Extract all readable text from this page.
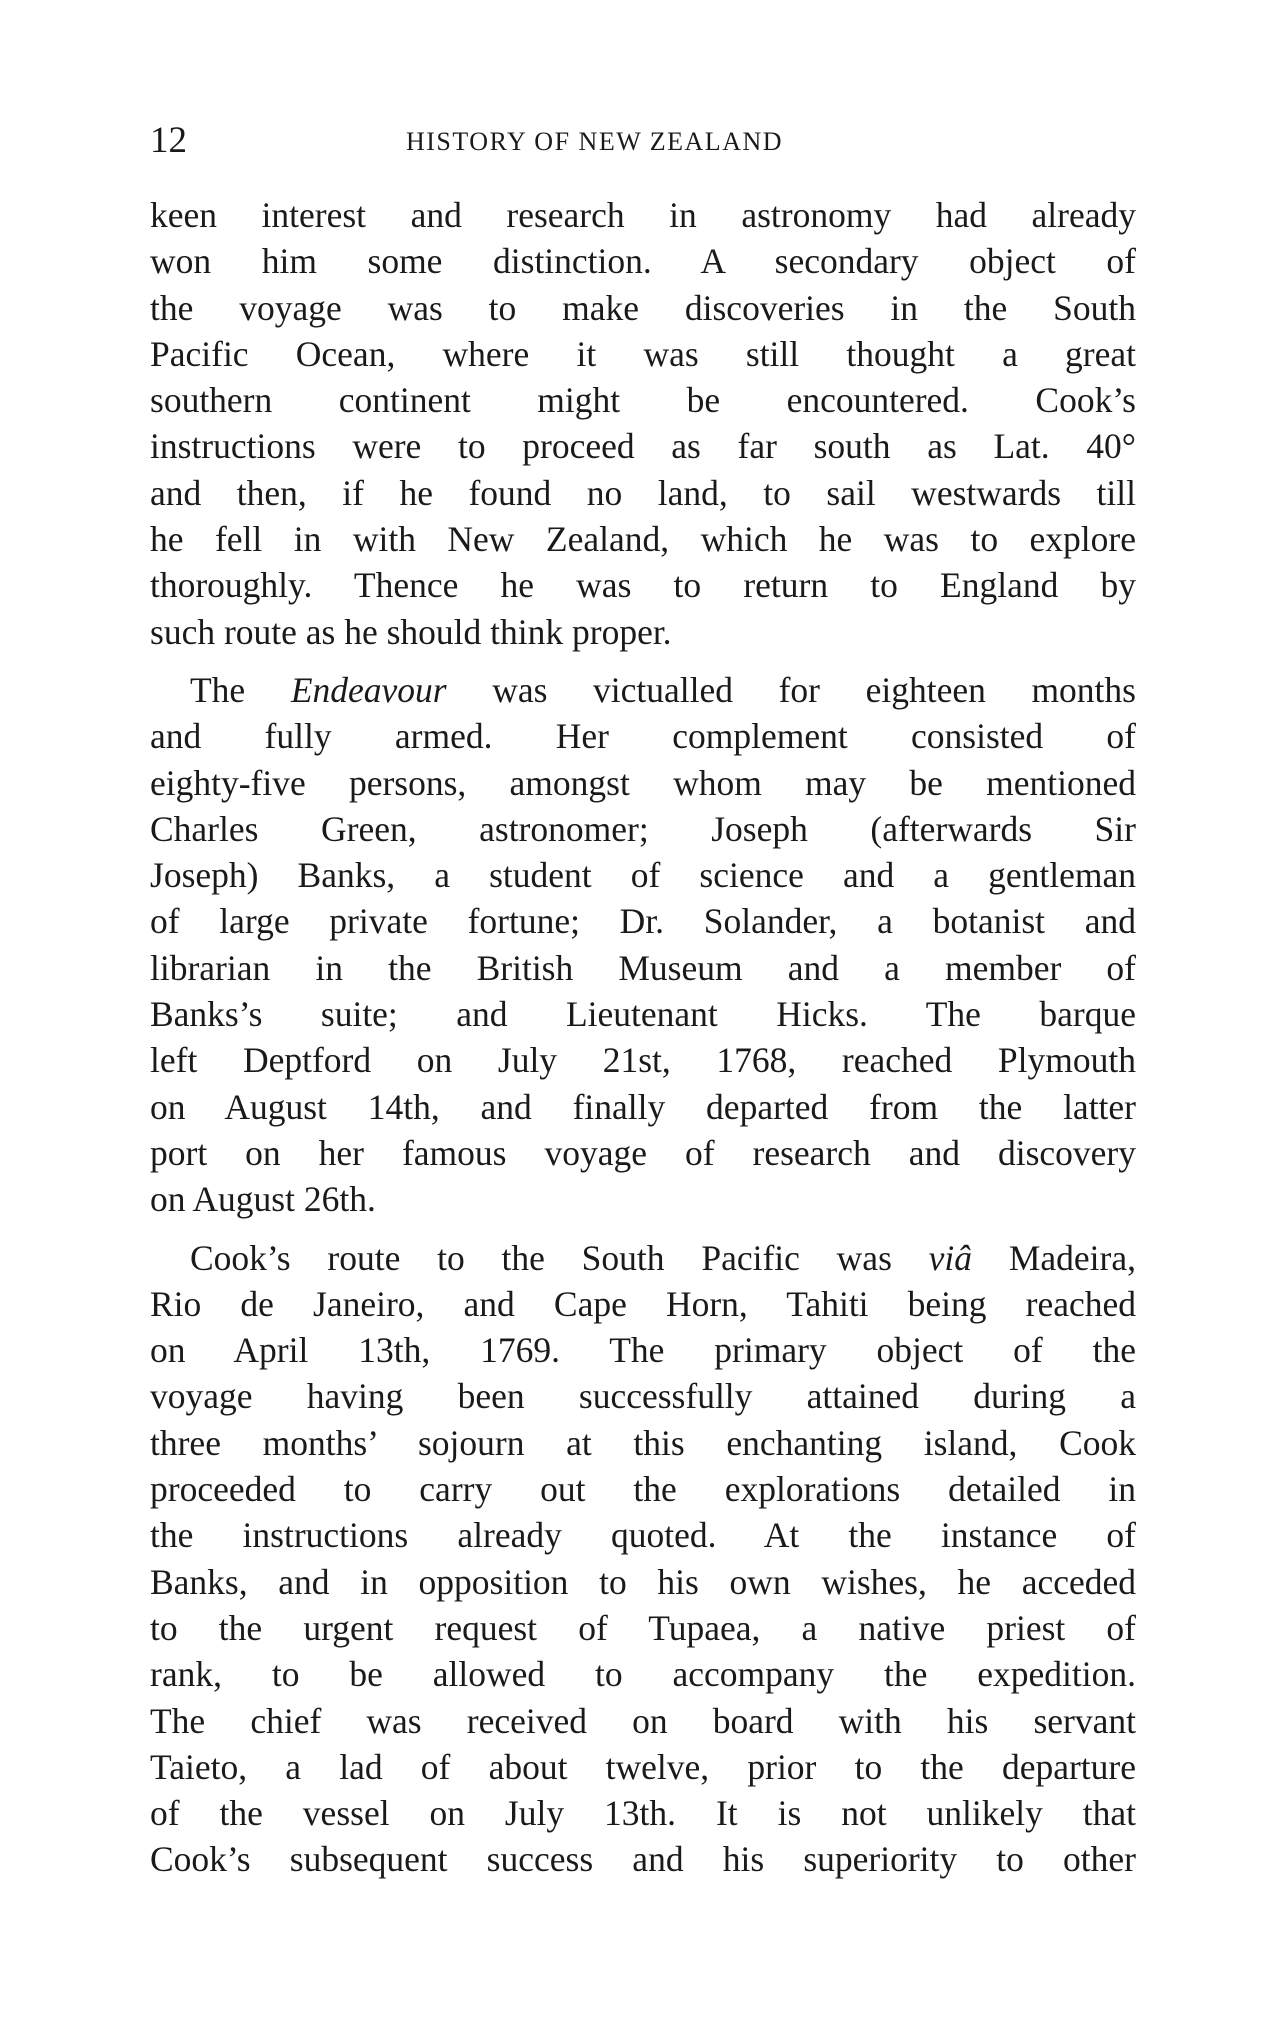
12	HISTORY OF NEW ZEALAND
keen interest and research in astronomy had already
won him some distinction. A secondary object of
the voyage was to make discoveries in the South
Pacific Ocean, where it was still thought a great
southern continent might be encountered. Cook’s
instructions were to proceed as far south as Lat. 40°
and then, if he found no land, to sail westwards till
he fell in with New Zealand, which he was to explore
thoroughly. Thence he was to return to England by
such route as he should think proper.
The Endeavour was victualled for eighteen months
and fully armed. Her complement consisted of
eighty-five persons, amongst whom may be mentioned
Charles Green, astronomer; Joseph (afterwards Sir
Joseph) Banks, a student of science and a gentleman
of large private fortune; Dr. Solander, a botanist and
librarian in the British Museum and a member of
Banks’s suite; and Lieutenant Hicks. The barque
left Deptford on July 21st, 1768, reached Plymouth
on August 14th, and finally departed from the latter
port on her famous voyage of research and discovery
on August 26th.
Cook’s route to the South Pacific was viâ Madeira,
Rio de Janeiro, and Cape Horn, Tahiti being reached
on April 13th, 1769. The primary object of the
voyage having been successfully attained during a
three months’ sojourn at this enchanting island, Cook
proceeded to carry out the explorations detailed in
the instructions already quoted. At the instance of
Banks, and in opposition to his own wishes, he acceded
to the urgent request of Tupaea, a native priest of
rank, to be allowed to accompany the expedition.
The chief was received on board with his servant
Taieto, a lad of about twelve, prior to the departure
of the vessel on July 13th. It is not unlikely that
Cook’s subsequent success and his superiority to other
